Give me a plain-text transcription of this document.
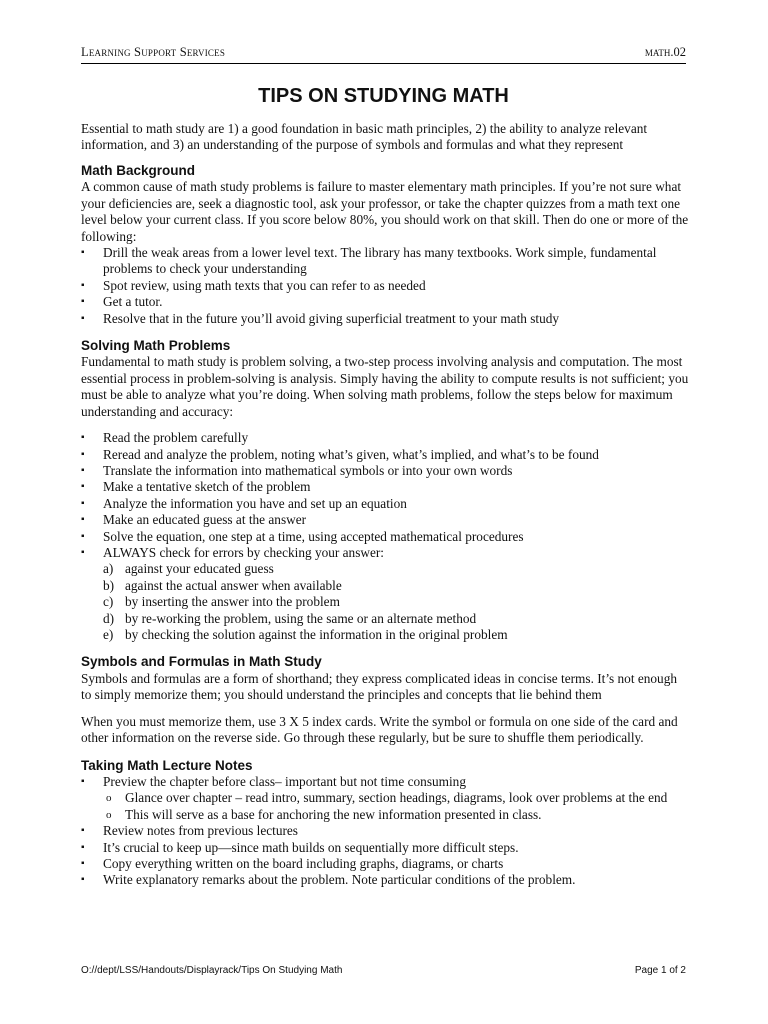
Learning Support Services	math.02
TIPS ON STUDYING MATH

Essential to math study are 1) a good foundation in basic math principles, 2) the ability to analyze relevant information, and 3) an understanding of the purpose of symbols and formulas and what they represent

Math Background

A common cause of math study problems is failure to master elementary math principles. If you’re not sure what your deficiencies are, seek a diagnostic tool, ask your professor, or take the chapter quizzes from a math text one level below your current class. If you score below 80%, you should work on that skill. Then do one or more of the following:

▪ Drill the weak areas from a lower level text. The library has many textbooks. Work simple, fundamental problems to check your understanding
▪ Spot review, using math texts that you can refer to as needed
▪ Get a tutor.
▪ Resolve that in the future you’ll avoid giving superficial treatment to your math study
Solving Math Problems

Fundamental to math study is problem solving, a two-step process involving analysis and computation. The most essential process in problem-solving is analysis. Simply having the ability to compute results is not sufficient; you must be able to analyze what you’re doing. When solving math problems, follow the steps below for maximum understanding and accuracy:

▪ Read the problem carefully
▪ Reread and analyze the problem, noting what’s given, what’s implied, and what’s to be found
▪ Translate the information into mathematical symbols or into your own words
▪ Make a tentative sketch of the problem
▪ Analyze the information you have and set up an equation
▪ Make an educated guess at the answer
▪ Solve the equation, one step at a time, using accepted mathematical procedures
▪ ALWAYS check for errors by checking your answer:
a) against your educated guess
b) against the actual answer when available
c) by inserting the answer into the problem
d) by re-working the problem, using the same or an alternate method
e) by checking the solution against the information in the original problem
Symbols and Formulas in Math Study

Symbols and formulas are a form of shorthand; they express complicated ideas in concise terms. It’s not enough to simply memorize them; you should understand the principles and concepts that lie behind them

When you must memorize them, use 3 X 5 index cards. Write the symbol or formula on one side of the card and other information on the reverse side. Go through these regularly, but be sure to shuffle them periodically.

Taking Math Lecture Notes
▪ Preview the chapter before class– important but not time consuming
o Glance over chapter – read intro, summary, section headings, diagrams, look over problems at the end
o This will serve as a base for anchoring the new information presented in class.
▪ Review notes from previous lectures
▪ It’s crucial to keep up—since math builds on sequentially more difficult steps.
▪ Copy everything written on the board including graphs, diagrams, or charts
▪ Write explanatory remarks about the problem. Note particular conditions of the problem.
O://dept/LSS/Handouts/Displayrack/Tips On Studying Math	Page 1 of 2
